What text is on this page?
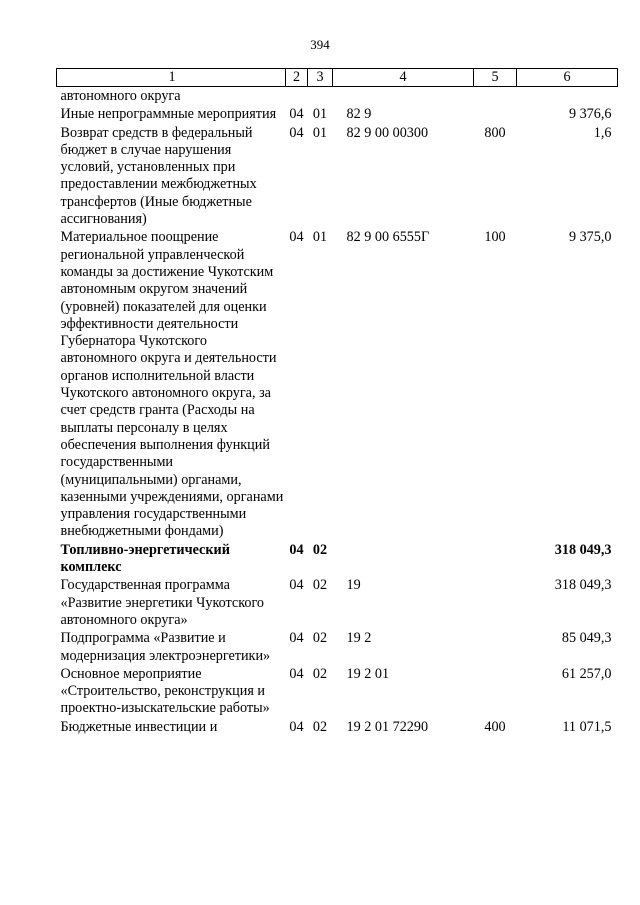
394
1	2	3	4	5	6
автономного округа					
Иные непрограммные мероприятия	04	01	82 9		9 376,6
Возврат средств в федеральный бюджет в случае нарушения условий, установленных при предоставлении межбюджетных трансфертов (Иные бюджетные ассигнования)	04	01	82 9 00 00300	800	1,6
Материальное поощрение региональной управленческой команды за достижение Чукотским автономным округом значений (уровней) показателей для оценки эффективности деятельности Губернатора Чукотского автономного округа и деятельности органов исполнительной власти Чукотского автономного округа, за счет средств гранта (Расходы на выплаты персоналу в целях обеспечения выполнения функций государственными (муниципальными) органами, казенными учреждениями, органами управления государственными внебюджетными фондами)	04	01	82 9 00 6555Г	100	9 375,0
Топливно-энергетический комплекс	04	02			318 049,3
Государственная программа «Развитие энергетики Чукотского автономного округа»	04	02	19		318 049,3
Подпрограмма «Развитие и модернизация электроэнергетики»	04	02	19 2		85 049,3
Основное мероприятие «Строительство, реконструкция и проектно-изыскательские работы»	04	02	19 2 01		61 257,0
Бюджетные инвестиции и	04	02	19 2 01 72290	400	11 071,5
